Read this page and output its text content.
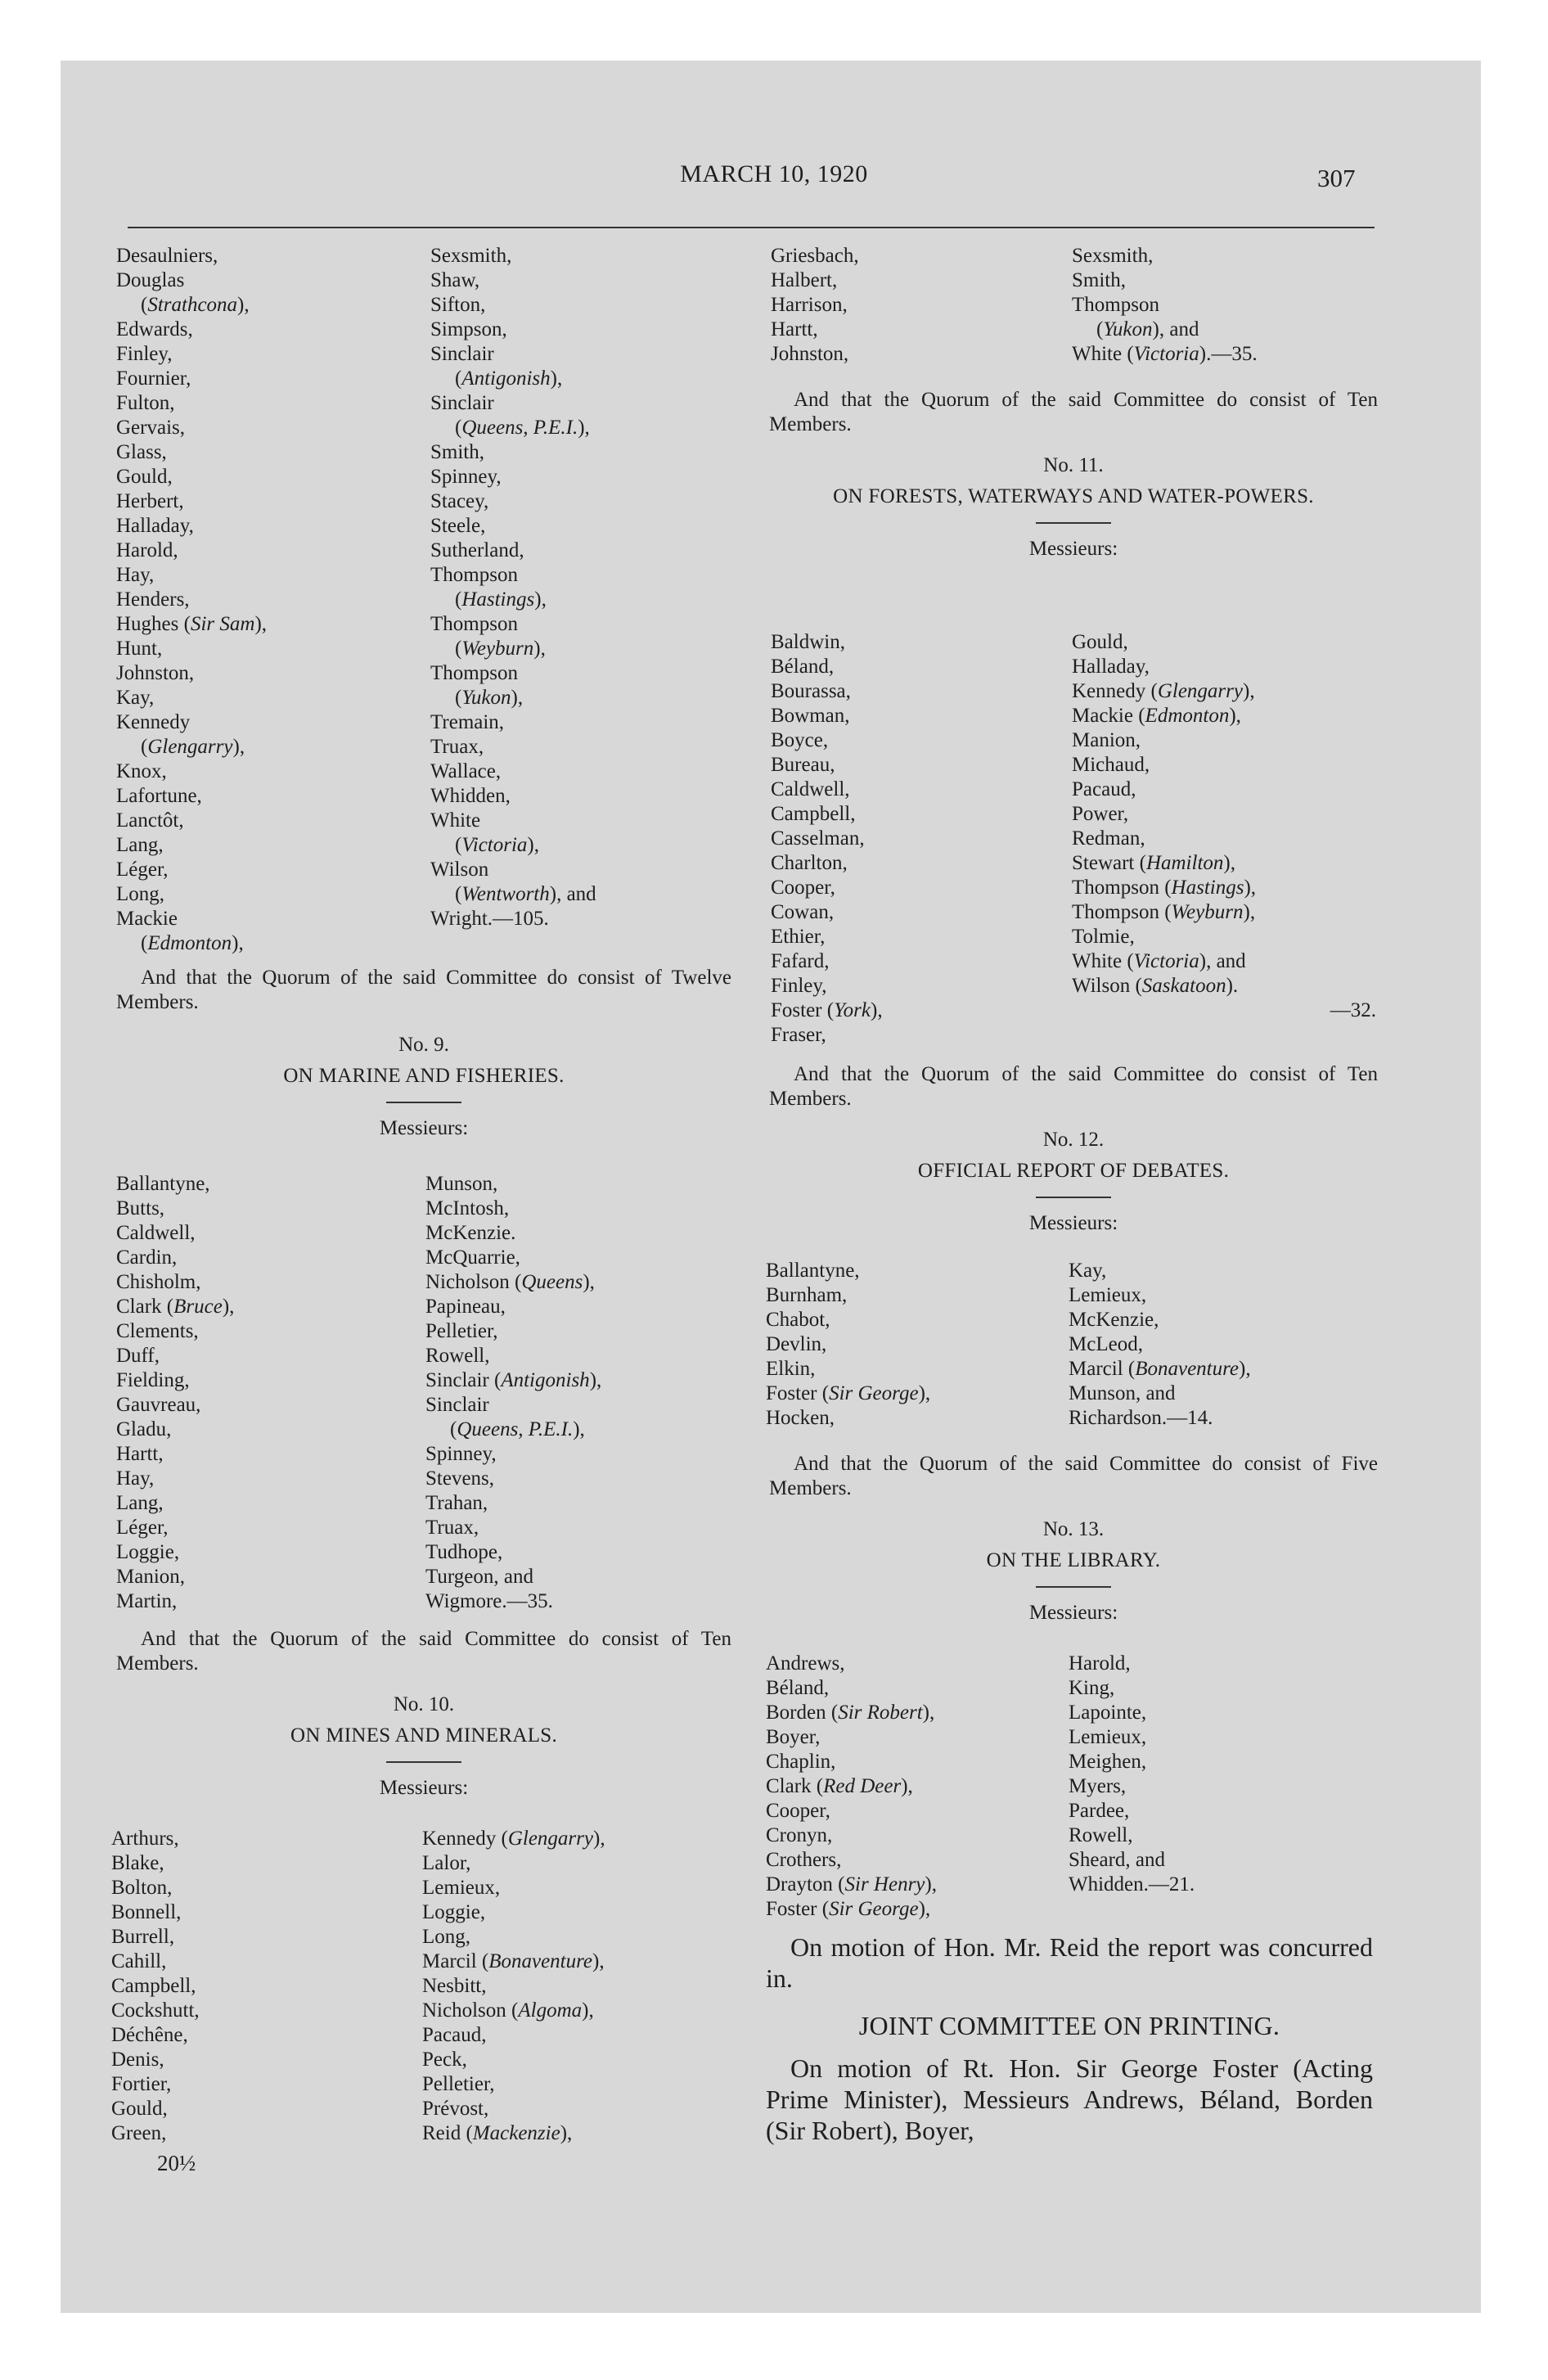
MARCH 10, 1920	307
Desaulniers,
Douglas
(Strathcona),
Edwards,
Finley,
Fournier,
Fulton,
Gervais,
Glass,
Gould,
Herbert,
Halladay,
Harold,
Hay,
Henders,
Hughes (Sir Sam),
Hunt,
Johnston,
Kay,
Kennedy
(Glengarry),
Knox,
Lafortune,
Lanctôt,
Lang,
Léger,
Long,
Mackie
(Edmonton),
Sexsmith,
Shaw,
Sifton,
Simpson,
Sinclair
(Antigonish),
Sinclair
(Queens, P.E.I.),
Smith,
Spinney,
Stacey,
Steele,
Sutherland,
Thompson
(Hastings),
Thompson
(Weyburn),
Thompson
(Yukon),
Tremain,
Truax,
Wallace,
Whidden,
White
(Victoria),
Wilson
(Wentworth), and
Wright.—105.
And that the Quorum of the said Committee do consist of Twelve Members.
No. 9.
ON MARINE AND FISHERIES.
Messieurs:
Ballantyne,
Butts,
Caldwell,
Cardin,
Chisholm,
Clark (Bruce),
Clements,
Duff,
Fielding,
Gauvreau,
Gladu,
Hartt,
Hay,
Lang,
Léger,
Loggie,
Manion,
Martin,
Munson,
McIntosh,
McKenzie.
McQuarrie,
Nicholson (Queens),
Papineau,
Pelletier,
Rowell,
Sinclair (Antigonish),
Sinclair
(Queens, P.E.I.),
Spinney,
Stevens,
Trahan,
Truax,
Tudhope,
Turgeon, and
Wigmore.—35.
And that the Quorum of the said Committee do consist of Ten Members.
No. 10.
ON MINES AND MINERALS.
Messieurs:
Arthurs,
Blake,
Bolton,
Bonnell,
Burrell,
Cahill,
Campbell,
Cockshutt,
Déchêne,
Denis,
Fortier,
Gould,
Green,
Kennedy (Glengarry),
Lalor,
Lemieux,
Loggie,
Long,
Marcil (Bonaventure),
Nesbitt,
Nicholson (Algoma),
Pacaud,
Peck,
Pelletier,
Prévost,
Reid (Mackenzie),
20½
Griesbach,
Halbert,
Harrison,
Hartt,
Johnston,
Sexsmith,
Smith,
Thompson
(Yukon), and
White (Victoria).—35.
And that the Quorum of the said Committee do consist of Ten Members.
No. 11.
ON FORESTS, WATERWAYS AND WATER-POWERS.
Messieurs:
Baldwin,
Béland,
Bourassa,
Bowman,
Boyce,
Bureau,
Caldwell,
Campbell,
Casselman,
Charlton,
Cooper,
Cowan,
Ethier,
Fafard,
Finley,
Foster (York),
Fraser,
Gould,
Halladay,
Kennedy (Glengarry),
Mackie (Edmonton),
Manion,
Michaud,
Pacaud,
Power,
Redman,
Stewart (Hamilton),
Thompson (Hastings),
Thompson (Weyburn),
Tolmie,
White (Victoria), and
Wilson (Saskatoon).
—32.
And that the Quorum of the said Committee do consist of Ten Members.
No. 12.
OFFICIAL REPORT OF DEBATES.
Messieurs:
Ballantyne,
Burnham,
Chabot,
Devlin,
Elkin,
Foster (Sir George),
Hocken,
Kay,
Lemieux,
McKenzie,
McLeod,
Marcil (Bonaventure),
Munson, and
Richardson.—14.
And that the Quorum of the said Committee do consist of Five Members.
No. 13.
ON THE LIBRARY.
Messieurs:
Andrews,
Béland,
Borden (Sir Robert),
Boyer,
Chaplin,
Clark (Red Deer),
Cooper,
Cronyn,
Crothers,
Drayton (Sir Henry),
Foster (Sir George),
Harold,
King,
Lapointe,
Lemieux,
Meighen,
Myers,
Pardee,
Rowell,
Sheard, and
Whidden.—21.
On motion of Hon. Mr. Reid the report was concurred in.
JOINT COMMITTEE ON PRINTING.
On motion of Rt. Hon. Sir George Foster (Acting Prime Minister), Messieurs Andrews, Béland, Borden (Sir Robert), Boyer,
